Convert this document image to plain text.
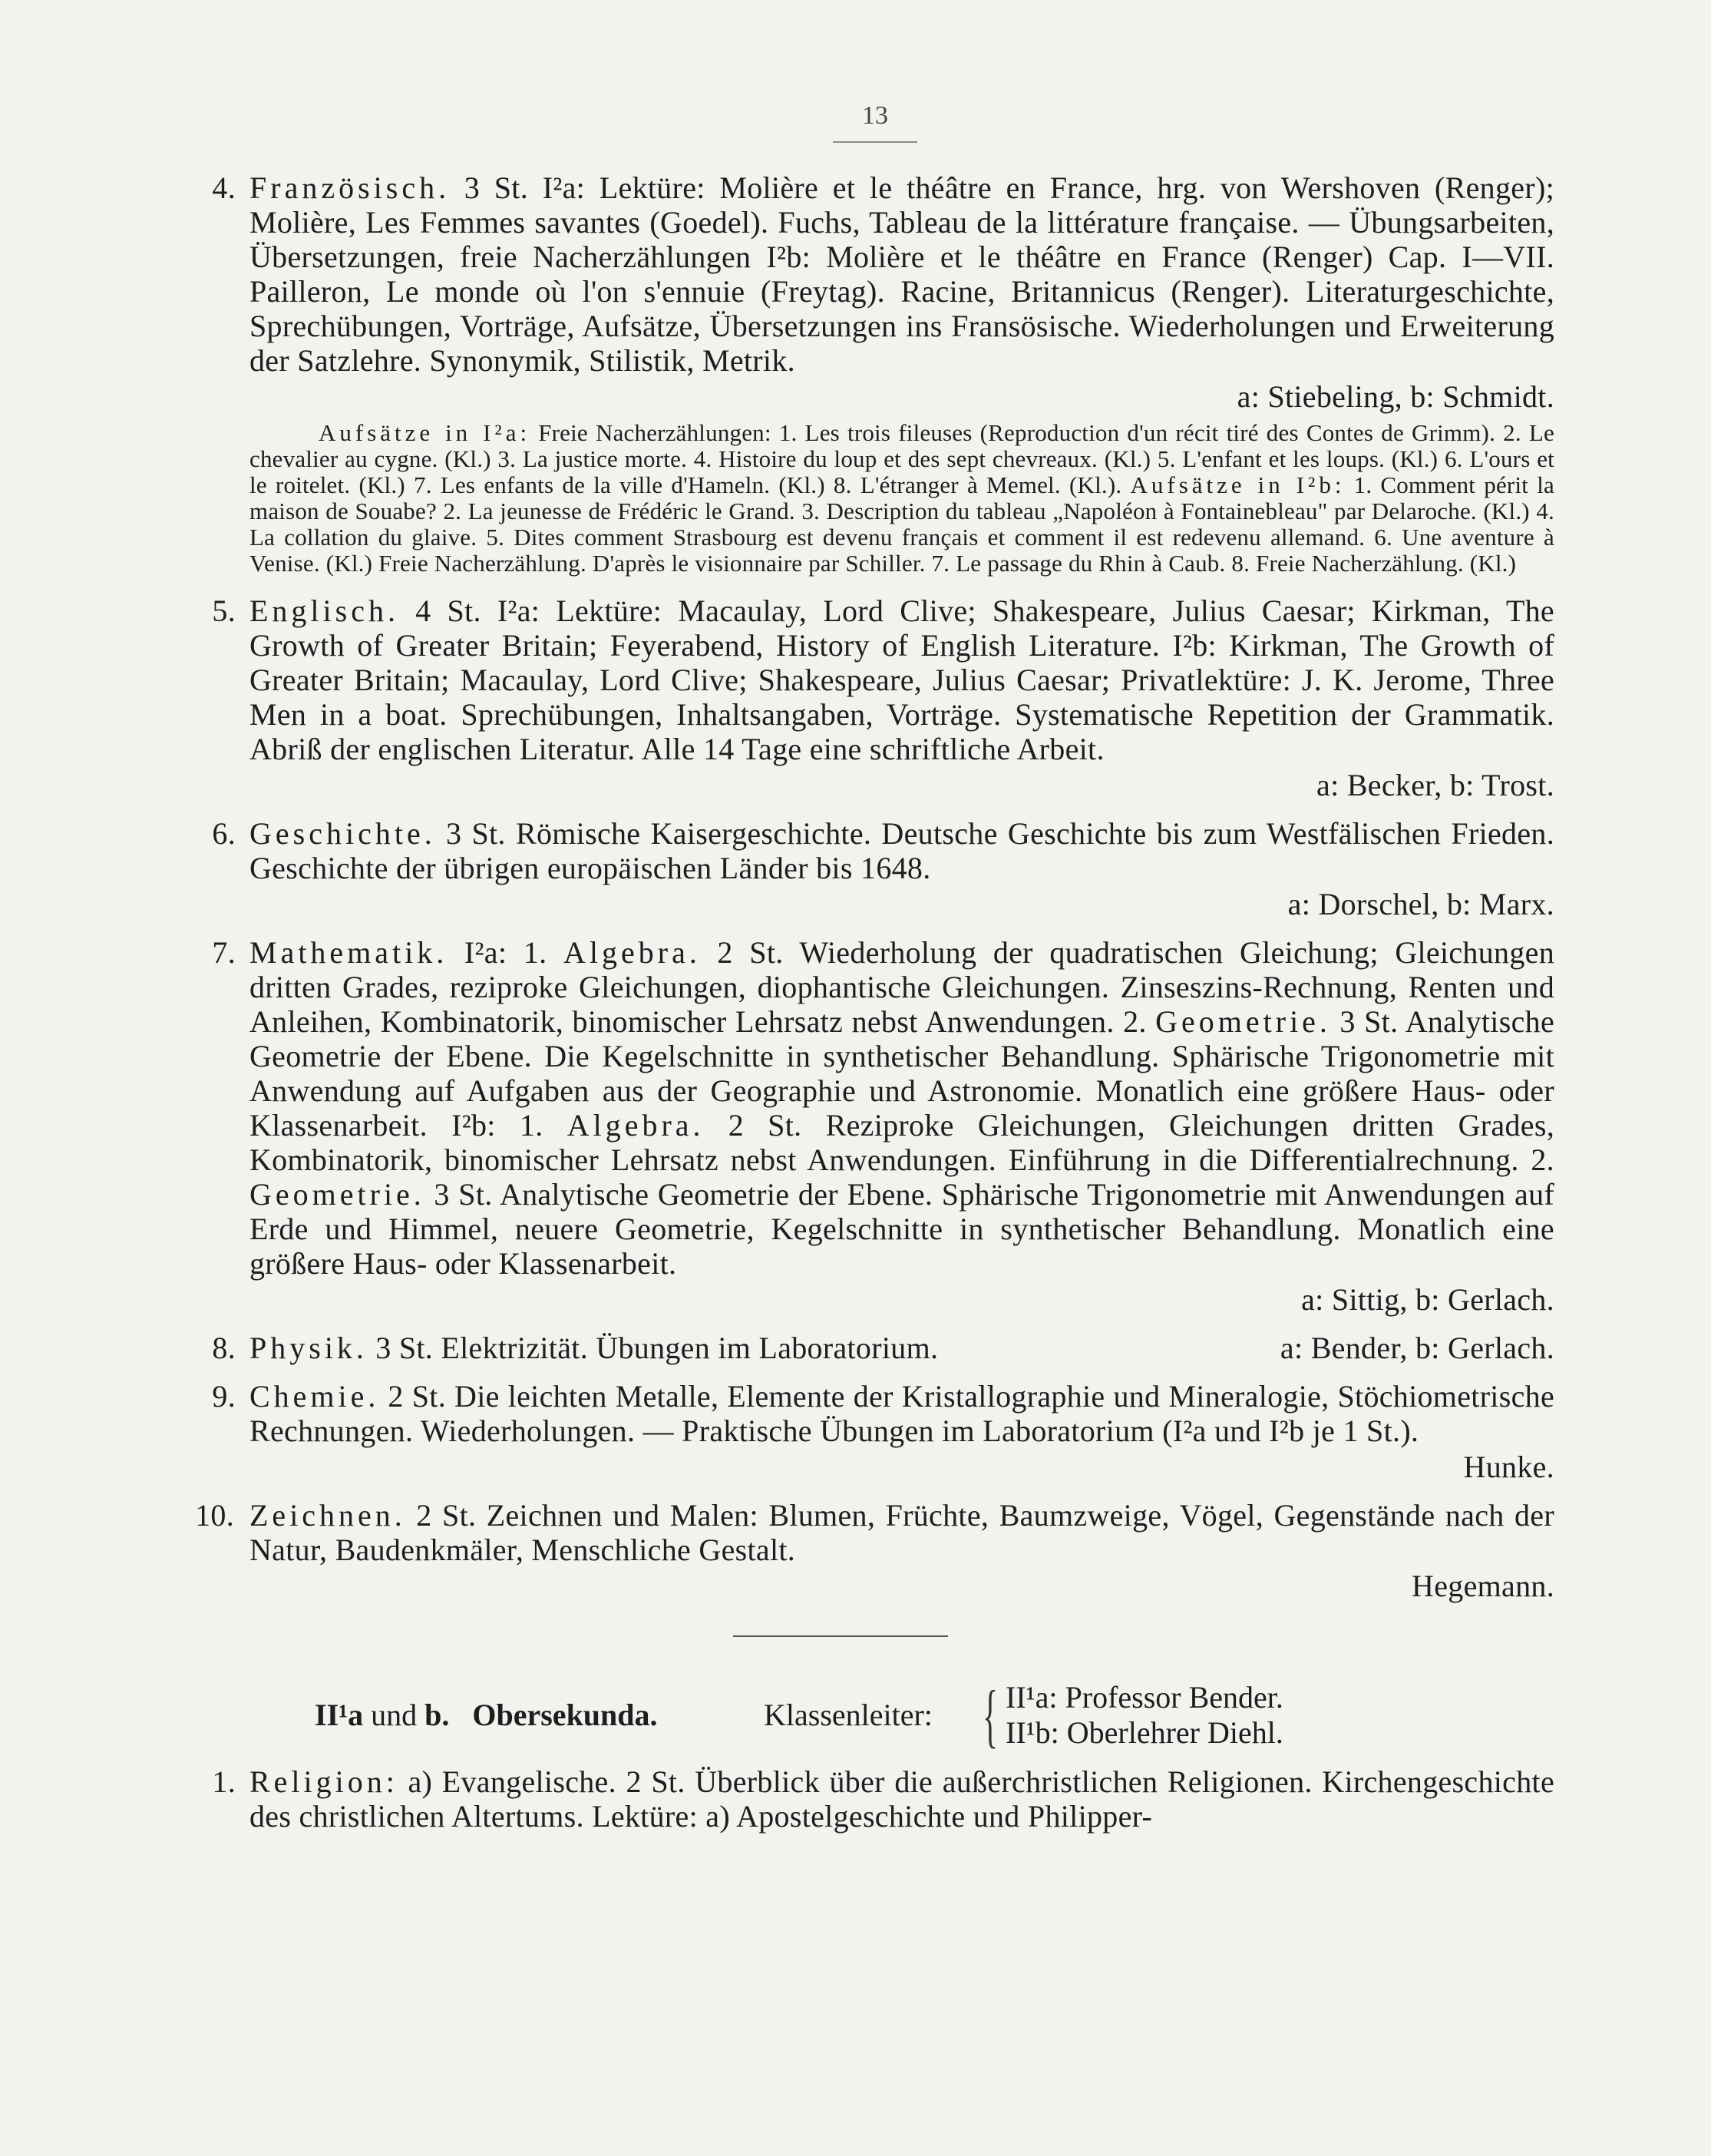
13
4. Französisch. 3 St. I²a: Lektüre: Molière et le théâtre en France, hrg. von Wershoven (Renger); Molière, Les Femmes savantes (Goedel). Fuchs, Tableau de la littérature française. — Übungsarbeiten, Übersetzungen, freie Nacherzählungen I²b: Molière et le théâtre en France (Renger) Cap. I—VII. Pailleron, Le monde où l'on s'ennuie (Freytag). Racine, Britannicus (Renger). Literaturgeschichte, Sprechübungen, Vorträge, Aufsätze, Übersetzungen ins Fransösische. Wiederholungen und Erweiterung der Satzlehre. Synonymik, Stilistik, Metrik.
a: Stiebeling, b: Schmidt.
Aufsätze in I²a: Freie Nacherzählungen: 1. Les trois fileuses (Reproduction d'un récit tiré des Contes de Grimm). 2. Le chevalier au cygne. (Kl.) 3. La justice morte. 4. Histoire du loup et des sept chevreaux. (Kl.) 5. L'enfant et les loups. (Kl.) 6. L'ours et le roitelet. (Kl.) 7. Les enfants de la ville d'Hameln. (Kl.) 8. L'étranger à Memel. (Kl.). Aufsätze in I²b: 1. Comment périt la maison de Souabe? 2. La jeunesse de Frédéric le Grand. 3. Description du tableau „Napoléon à Fontainebleau" par Delaroche. (Kl.) 4. La collation du glaive. 5. Dites comment Strasbourg est devenu français et comment il est redevenu allemand. 6. Une aventure à Venise. (Kl.) Freie Nacherzählung. D'après le visionnaire par Schiller. 7. Le passage du Rhin à Caub. 8. Freie Nacherzählung. (Kl.)
5. Englisch. 4 St. I²a: Lektüre: Macaulay, Lord Clive; Shakespeare, Julius Caesar; Kirkman, The Growth of Greater Britain; Feyerabend, History of English Literature. I²b: Kirkman, The Growth of Greater Britain; Macaulay, Lord Clive; Shakespeare, Julius Caesar; Privatlektüre: J. K. Jerome, Three Men in a boat. Sprechübungen, Inhaltsangaben, Vorträge. Systematische Repetition der Grammatik. Abriß der englischen Literatur. Alle 14 Tage eine schriftliche Arbeit.
a: Becker, b: Trost.
6. Geschichte. 3 St. Römische Kaisergeschichte. Deutsche Geschichte bis zum Westfälischen Frieden. Geschichte der übrigen europäischen Länder bis 1648.
a: Dorschel, b: Marx.
7. Mathematik. I²a: 1. Algebra. 2 St. Wiederholung der quadratischen Gleichung; Gleichungen dritten Grades, reziproke Gleichungen, diophantische Gleichungen. Zinseszins-Rechnung, Renten und Anleihen, Kombinatorik, binomischer Lehrsatz nebst Anwendungen. 2. Geometrie. 3 St. Analytische Geometrie der Ebene. Die Kegelschnitte in synthetischer Behandlung. Sphärische Trigonometrie mit Anwendung auf Aufgaben aus der Geographie und Astronomie. Monatlich eine größere Haus- oder Klassenarbeit. I²b: 1. Algebra. 2 St. Reziproke Gleichungen, Gleichungen dritten Grades, Kombinatorik, binomischer Lehrsatz nebst Anwendungen. Einführung in die Differentialrechnung. 2. Geometrie. 3 St. Analytische Geometrie der Ebene. Sphärische Trigonometrie mit Anwendungen auf Erde und Himmel, neuere Geometrie, Kegelschnitte in synthetischer Behandlung. Monatlich eine größere Haus- oder Klassenarbeit.
a: Sittig, b: Gerlach.
8. Physik. 3 St. Elektrizität. Übungen im Laboratorium.	a: Bender, b: Gerlach.
9. Chemie. 2 St. Die leichten Metalle, Elemente der Kristallographie und Mineralogie, Stöchiometrische Rechnungen. Wiederholungen. — Praktische Übungen im Laboratorium (I²a und I²b je 1 St.).
Hunke.
10. Zeichnen. 2 St. Zeichnen und Malen: Blumen, Früchte, Baumzweige, Vögel, Gegenstände nach der Natur, Baudenkmäler, Menschliche Gestalt.
Hegemann.
II¹a und b. Obersekunda.	Klassenleiter: { II¹a: Professor Bender.
II¹b: Oberlehrer Diehl.
1. Religion: a) Evangelische. 2 St. Überblick über die außerchristlichen Religionen. Kirchengeschichte des christlichen Altertums. Lektüre: a) Apostelgeschichte und Philipper-
